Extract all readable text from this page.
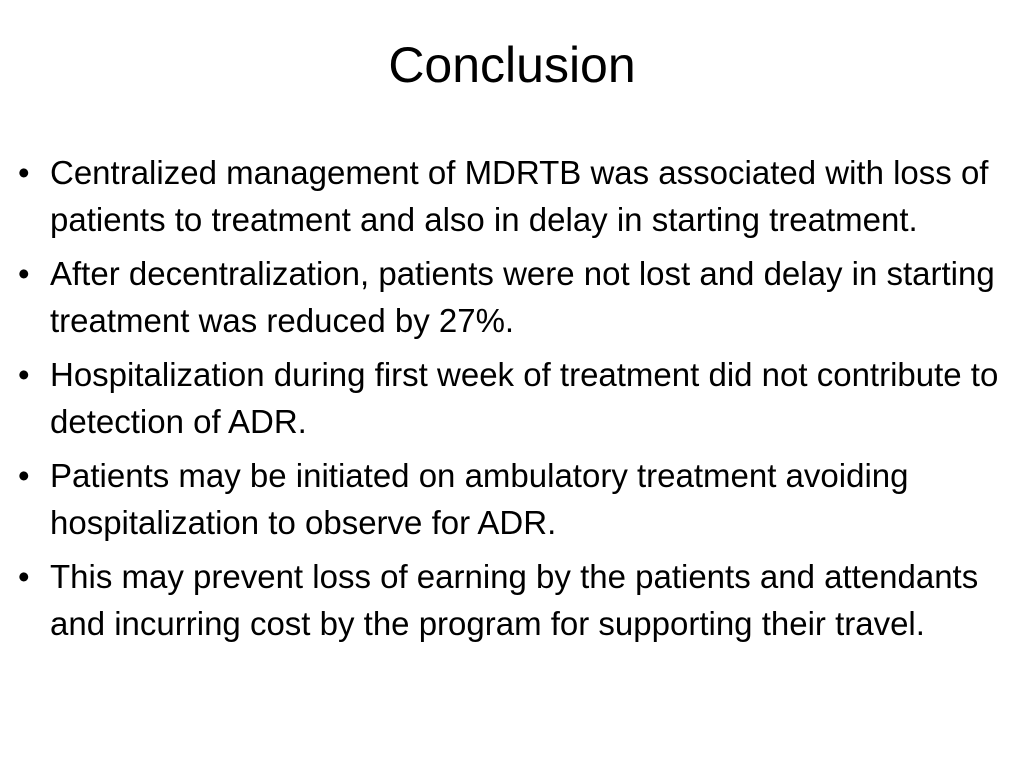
Conclusion
• Centralized management of MDRTB was associated with loss of patients to treatment and also in delay in starting treatment.
• After decentralization, patients were not lost and delay in starting treatment was reduced by 27%.
• Hospitalization during first week of treatment did not contribute to detection of ADR.
• Patients may be initiated on ambulatory treatment avoiding hospitalization to observe for ADR.
• This may prevent loss of earning by the patients and attendants and incurring cost by the program for supporting their travel.
